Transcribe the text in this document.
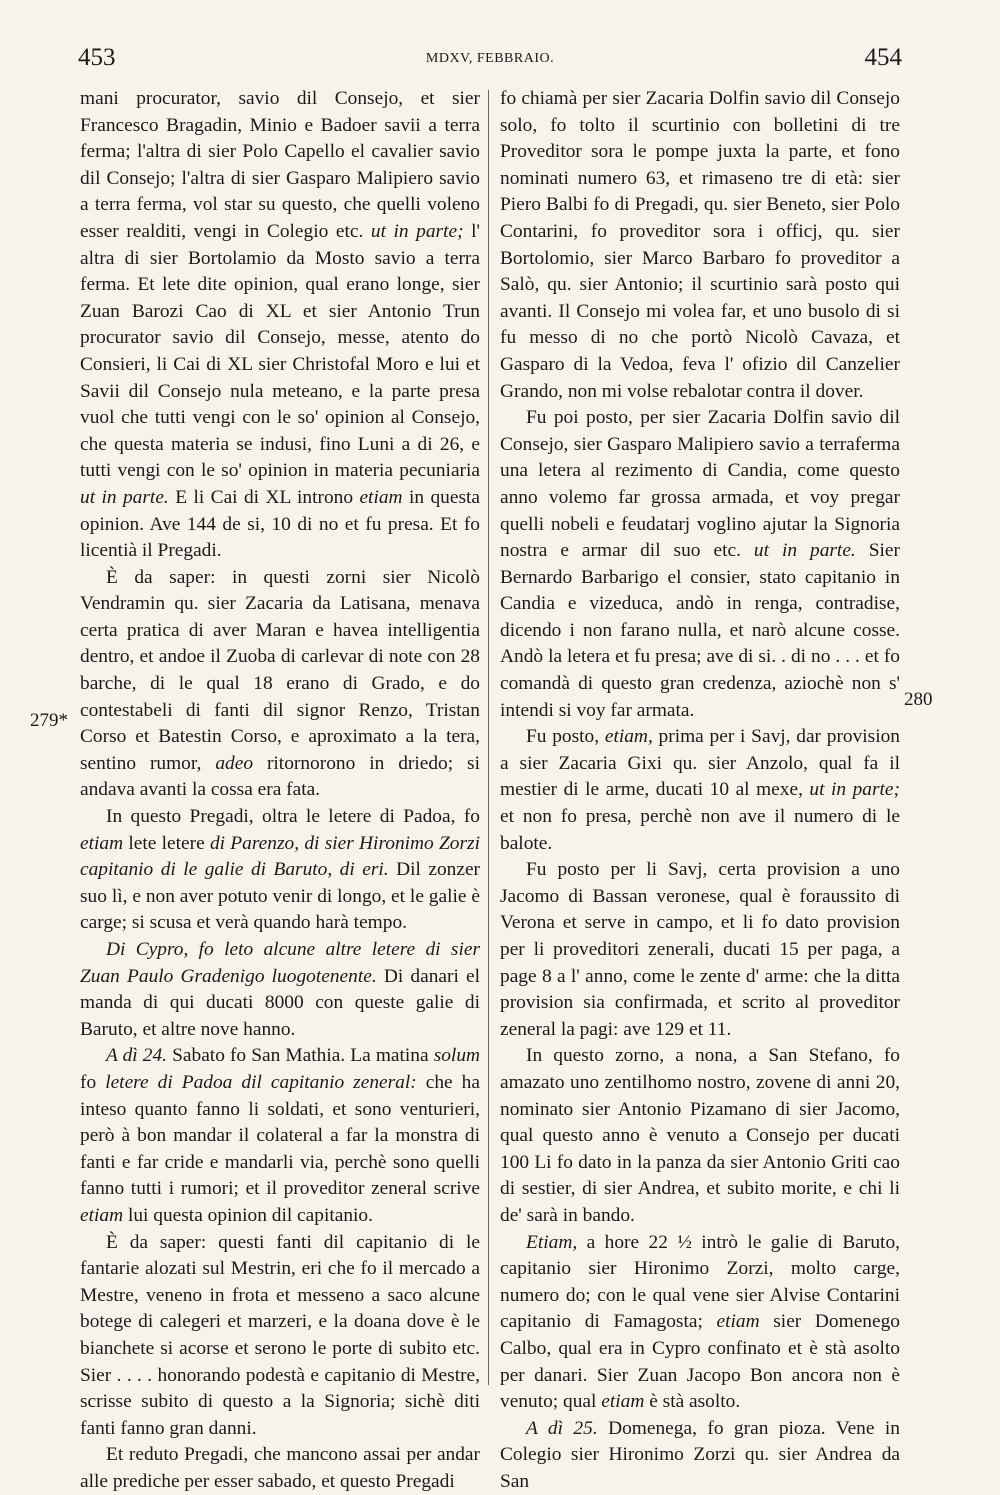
453	MDXV, FEBBRAIO.	454
279*
280

mani procurator, savio dil Consejo, et sier Francesco Bragadin, Minio e Badoer savii a terra ferma; l'altra di sier Polo Capello el cavalier savio dil Consejo; l'altra di sier Gasparo Malipiero savio a terra ferma, vol star su questo, che quelli voleno esser realditi, vengi in Colegio etc. ut in parte; l' altra di sier Bortolamio da Mosto savio a terra ferma. Et lete dite opinion, qual erano longe, sier Zuan Barozi Cao di XL et sier Antonio Trun procurator savio dil Consejo, messe, atento do Consieri, li Cai di XL sier Christofal Moro e lui et Savii dil Consejo nula meteano, e la parte presa vuol che tutti vengi con le so' opinion al Consejo, che questa materia se indusi, fino Luni a di 26, e tutti vengi con le so' opinion in materia pecuniaria ut in parte. E li Cai di XL introno etiam in questa opinion. Ave 144 de si, 10 di no et fu presa. Et fo licentià il Pregadi.

È da saper: in questi zorni sier Nicolò Vendramin qu. sier Zacaria da Latisana, menava certa pratica di aver Maran e havea intelligentia dentro, et andoe il Zuoba di carlevar di note con 28 barche, di le qual 18 erano di Grado, e do contestabeli di fanti dil signor Renzo, Tristan Corso et Batestin Corso, e aproximato a la tera, sentino rumor, adeo ritornorono in driedo; si andava avanti la cossa era fata.

In questo Pregadi, oltra le letere di Padoa, fo etiam lete letere di Parenzo, di sier Hironimo Zorzi capitanio di le galie di Baruto, di eri. Dil zonzer suo lì, e non aver potuto venir di longo, et le galie è carge; si scusa et verà quando harà tempo.

Di Cypro, fo leto alcune altre letere di sier Zuan Paulo Gradenigo luogotenente. Di danari el manda di qui ducati 8000 con queste galie di Baruto, et altre nove hanno.

A dì 24. Sabato fo San Mathia. La matina solum fo letere di Padoa dil capitanio zeneral: che ha inteso quanto fanno li soldati, et sono venturieri, però à bon mandar il colateral a far la monstra di fanti e far cride e mandarli via, perchè sono quelli fanno tutti i rumori; et il proveditor zeneral scrive etiam lui questa opinion dil capitanio.

È da saper: questi fanti dil capitanio di le fantarie alozati sul Mestrin, eri che fo il mercado a Mestre, veneno in frota et messeno a saco alcune botege di calegeri et marzeri, e la doana dove è le bianchete si acorse et serono le porte di subito etc. Sier . . . . honorando podestà e capitanio di Mestre, scrisse subito di questo a la Signoria; sichè diti fanti fanno gran danni.

Et reduto Pregadi, che mancono assai per andar alle prediche per esser sabado, et questo Pregadi

fo chiamà per sier Zacaria Dolfin savio dil Consejo solo, fo tolto il scurtinio con bolletini di tre Proveditor sora le pompe juxta la parte, et fono nominati numero 63, et rimaseno tre di età: sier Piero Balbi fo di Pregadi, qu. sier Beneto, sier Polo Contarini, fo proveditor sora i officj, qu. sier Bortolomio, sier Marco Barbaro fo proveditor a Salò, qu. sier Antonio; il scurtinio sarà posto qui avanti. Il Consejo mi volea far, et uno busolo di si fu messo di no che portò Nicolò Cavaza, et Gasparo di la Vedoa, feva l' ofizio dil Canzelier Grando, non mi volse rebalotar contra il dover.

Fu poi posto, per sier Zacaria Dolfin savio dil Consejo, sier Gasparo Malipiero savio a terraferma una letera al rezimento di Candia, come questo anno volemo far grossa armada, et voy pregar quelli nobeli e feudatarj voglino ajutar la Signoria nostra e armar dil suo etc. ut in parte. Sier Bernardo Barbarigo el consier, stato capitanio in Candia e vizeduca, andò in renga, contradise, dicendo i non farano nulla, et narò alcune cosse. Andò la letera et fu presa; ave di si. . di no . . . et fo comandà di questo gran credenza, aziochè non s' intendi si voy far armata.

Fu posto, etiam, prima per i Savj, dar provision a sier Zacaria Gixi qu. sier Anzolo, qual fa il mestier di le arme, ducati 10 al mexe, ut in parte; et non fo presa, perchè non ave il numero di le balote.

Fu posto per li Savj, certa provision a uno Jacomo di Bassan veronese, qual è foraussito di Verona et serve in campo, et li fo dato provision per li proveditori zenerali, ducati 15 per paga, a page 8 a l' anno, come le zente d' arme: che la ditta provision sia confirmada, et scrito al proveditor zeneral la pagi: ave 129 et 11.

In questo zorno, a nona, a San Stefano, fo amazato uno zentilhomo nostro, zovene di anni 20, nominato sier Antonio Pizamano di sier Jacomo, qual questo anno è venuto a Consejo per ducati 100 Li fo dato in la panza da sier Antonio Griti cao di sestier, di sier Andrea, et subito morite, e chi li de' sarà in bando.

Etiam, a hore 22 ½ intrò le galie di Baruto, capitanio sier Hironimo Zorzi, molto carge, numero do; con le qual vene sier Alvise Contarini capitanio di Famagosta; etiam sier Domenego Calbo, qual era in Cypro confinato et è stà asolto per danari. Sier Zuan Jacopo Bon ancora non è venuto; qual etiam è stà asolto.

A dì 25. Domenega, fo gran pioza. Vene in Colegio sier Hironimo Zorzi qu. sier Andrea da San
